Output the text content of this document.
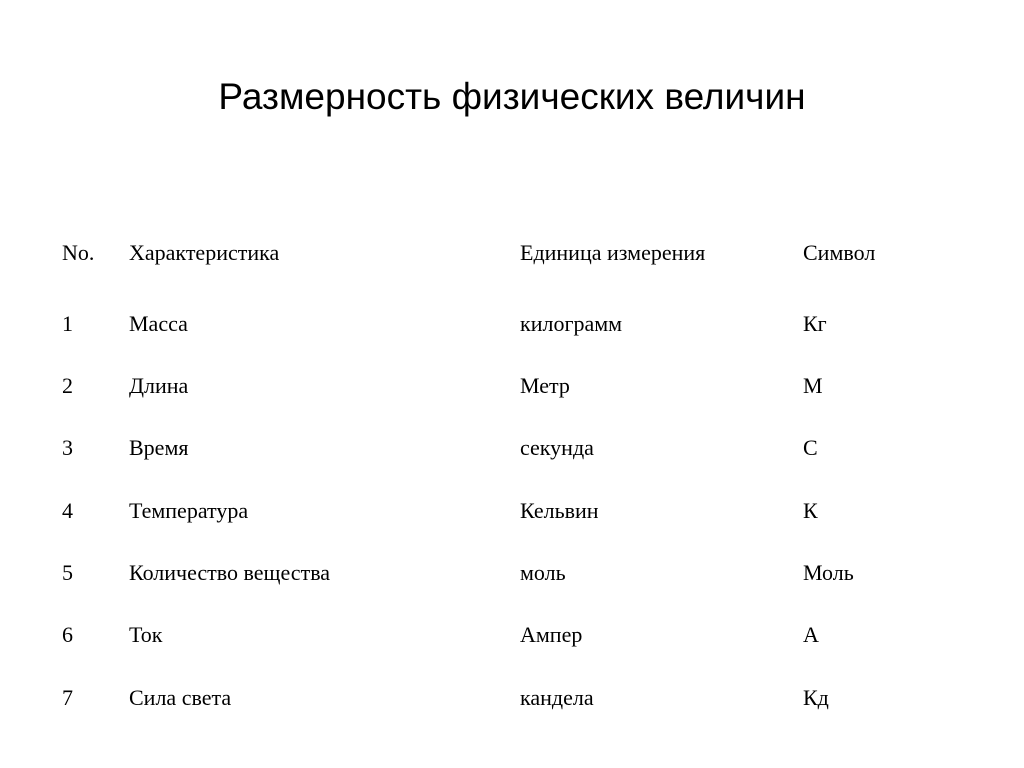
Размерность физических величин
No. Характеристика	Единица измерения	Символ
1	Масса	килограмм	Кг
2	Длина	Метр	М
3	Время	секунда	С
4	Температура	Кельвин	К
5	Количество вещества	моль	Моль
6	Ток	Ампер	А
7	Сила света	кандела	Кд
